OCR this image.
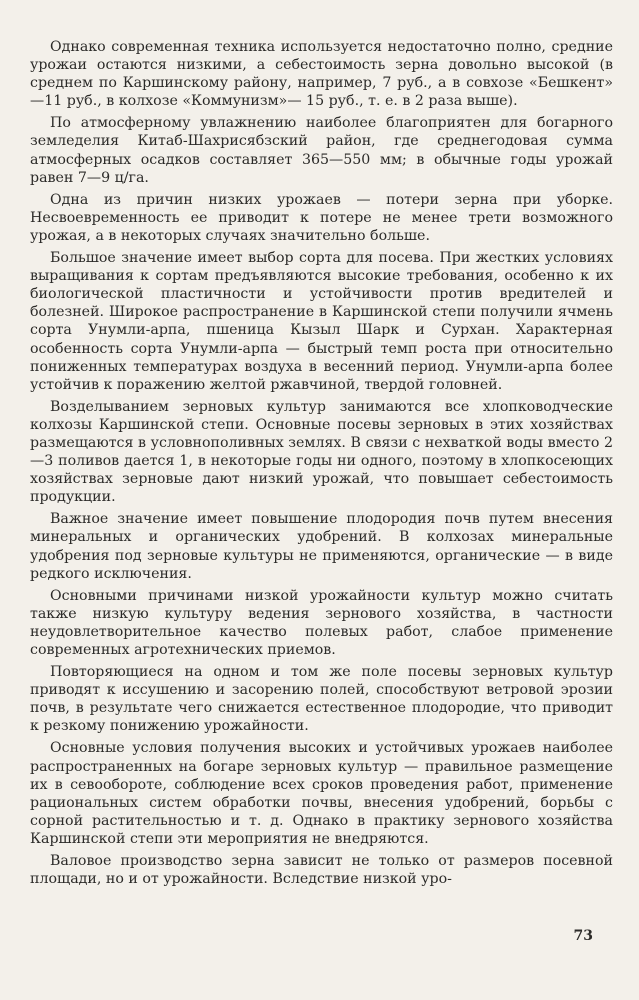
Однако современная техника используется недостаточно полно, средние урожаи остаются низкими, а себестоимость зерна довольно высокой (в среднем по Каршинскому району, например, 7 руб., а в совхозе «Бешкент» —11 руб., в колхозе «Коммунизм»— 15 руб., т. е. в 2 раза выше).

По атмосферному увлажнению наиболее благоприятен для богарного земледелия Китаб-Шахрисябзский район, где среднегодовая сумма атмосферных осадков составляет 365—550 мм; в обычные годы урожай равен 7—9 ц/га.

Одна из причин низких урожаев — потери зерна при уборке. Несвоевременность ее приводит к потере не менее трети возможного урожая, а в некоторых случаях значительно больше.

Большое значение имеет выбор сорта для посева. При жестких условиях выращивания к сортам предъявляются высокие требования, особенно к их биологической пластичности и устойчивости против вредителей и болезней. Широкое распространение в Каршинской степи получили ячмень сорта Унумли-арпа, пшеница Кызыл Шарк и Сурхан. Характерная особенность сорта Унумли-арпа — быстрый темп роста при относительно пониженных температурах воздуха в весенний период. Унумли-арпа более устойчив к поражению желтой ржавчиной, твердой головней.

Возделыванием зерновых культур занимаются все хлопководческие колхозы Каршинской степи. Основные посевы зерновых в этих хозяйствах размещаются в условнополивных землях. В связи с нехваткой воды вместо 2—3 поливов дается 1, в некоторые годы ни одного, поэтому в хлопкосеющих хозяйствах зерновые дают низкий урожай, что повышает себестоимость продукции.

Важное значение имеет повышение плодородия почв путем внесения минеральных и органических удобрений. В колхозах минеральные удобрения под зерновые культуры не применяются, органические — в виде редкого исключения.

Основными причинами низкой урожайности культур можно считать также низкую культуру ведения зернового хозяйства, в частности неудовлетворительное качество полевых работ, слабое применение современных агротехнических приемов.

Повторяющиеся на одном и том же поле посевы зерновых культур приводят к иссушению и засорению полей, способствуют ветровой эрозии почв, в результате чего снижается естественное плодородие, что приводит к резкому понижению урожайности.

Основные условия получения высоких и устойчивых урожаев наиболее распространенных на богаре зерновых культур — правильное размещение их в севообороте, соблюдение всех сроков проведения работ, применение рациональных систем обработки почвы, внесения удобрений, борьбы с сорной растительностью и т. д. Однако в практику зернового хозяйства Каршинской степи эти мероприятия не внедряются.

Валовое производство зерна зависит не только от размеров посевной площади, но и от урожайности. Вследствие низкой уро-

73
